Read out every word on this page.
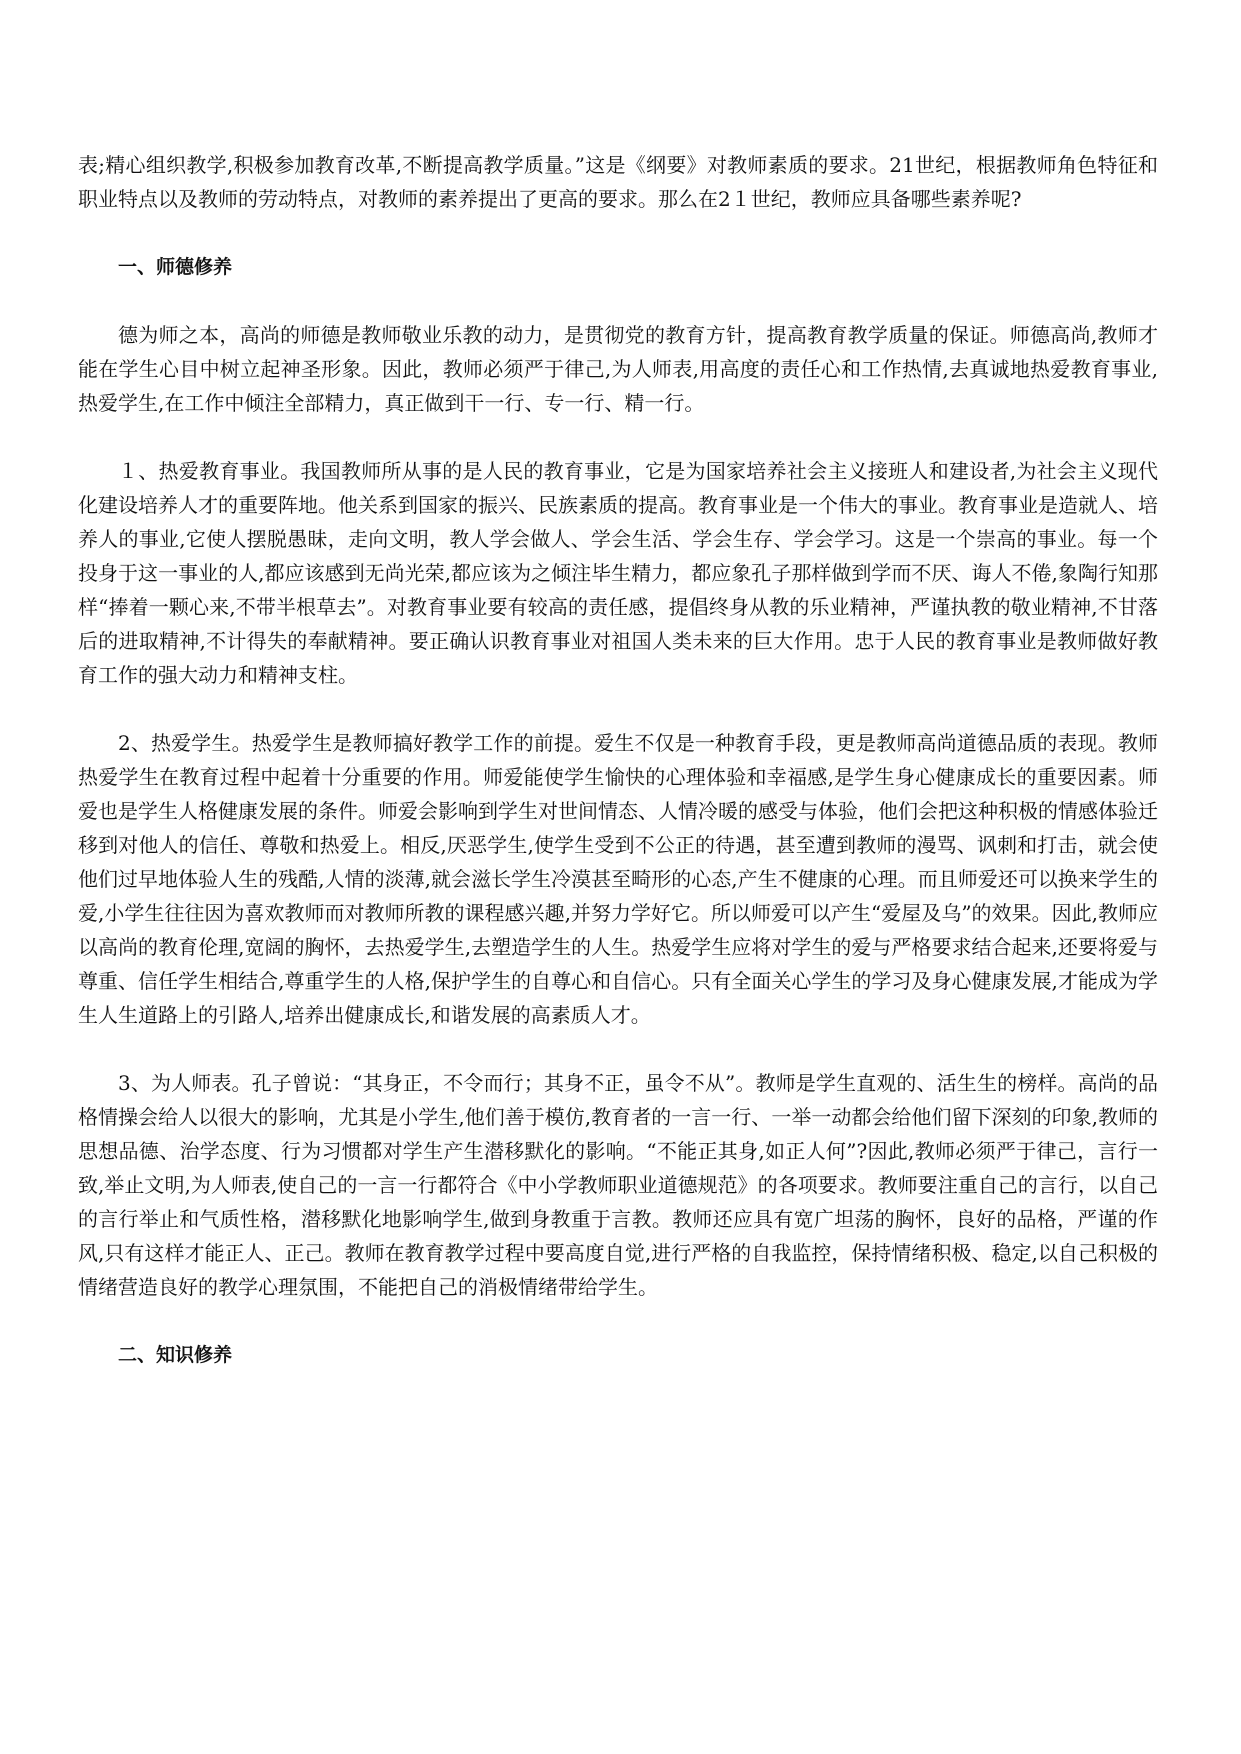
表;精心组织教学,积极参加教育改革,不断提高教学质量。”这是《纲要》对教师素质的要求。21世纪，根据教师角色特征和职业特点以及教师的劳动特点，对教师的素养提出了更高的要求。那么在2１世纪，教师应具备哪些素养呢?

一、师德修养

德为师之本，高尚的师德是教师敬业乐教的动力，是贯彻党的教育方针，提高教育教学质量的保证。师德高尚,教师才能在学生心目中树立起神圣形象。因此，教师必须严于律己,为人师表,用高度的责任心和工作热情,去真诚地热爱教育事业,热爱学生,在工作中倾注全部精力，真正做到干一行、专一行、精一行。

１、热爱教育事业。我国教师所从事的是人民的教育事业，它是为国家培养社会主义接班人和建设者,为社会主义现代化建设培养人才的重要阵地。他关系到国家的振兴、民族素质的提高。教育事业是一个伟大的事业。教育事业是造就人、培养人的事业,它使人摆脱愚昧，走向文明，教人学会做人、学会生活、学会生存、学会学习。这是一个崇高的事业。每一个投身于这一事业的人,都应该感到无尚光荣,都应该为之倾注毕生精力，都应象孔子那样做到学而不厌、诲人不倦,象陶行知那样“捧着一颗心来,不带半根草去”。对教育事业要有较高的责任感，提倡终身从教的乐业精神，严谨执教的敬业精神,不甘落后的进取精神,不计得失的奉献精神。要正确认识教育事业对祖国人类未来的巨大作用。忠于人民的教育事业是教师做好教育工作的强大动力和精神支柱。

2、热爱学生。热爱学生是教师搞好教学工作的前提。爱生不仅是一种教育手段，更是教师高尚道德品质的表现。教师热爱学生在教育过程中起着十分重要的作用。师爱能使学生愉快的心理体验和幸福感,是学生身心健康成长的重要因素。师爱也是学生人格健康发展的条件。师爱会影响到学生对世间情态、人情冷暖的感受与体验，他们会把这种积极的情感体验迁移到对他人的信任、尊敬和热爱上。相反,厌恶学生,使学生受到不公正的待遇，甚至遭到教师的漫骂、讽刺和打击，就会使他们过早地体验人生的残酷,人情的淡薄,就会滋长学生冷漠甚至畸形的心态,产生不健康的心理。而且师爱还可以换来学生的爱,小学生往往因为喜欢教师而对教师所教的课程感兴趣,并努力学好它。所以师爱可以产生“爱屋及乌”的效果。因此,教师应以高尚的教育伦理,宽阔的胸怀，去热爱学生,去塑造学生的人生。热爱学生应将对学生的爱与严格要求结合起来,还要将爱与尊重、信任学生相结合,尊重学生的人格,保护学生的自尊心和自信心。只有全面关心学生的学习及身心健康发展,才能成为学生人生道路上的引路人,培养出健康成长,和谐发展的高素质人才。

3、为人师表。孔子曾说：“其身正，不令而行；其身不正，虽令不从”。教师是学生直观的、活生生的榜样。高尚的品格情操会给人以很大的影响，尤其是小学生,他们善于模仿,教育者的一言一行、一举一动都会给他们留下深刻的印象,教师的思想品德、治学态度、行为习惯都对学生产生潜移默化的影响。“不能正其身,如正人何”?因此,教师必须严于律己，言行一致,举止文明,为人师表,使自己的一言一行都符合《中小学教师职业道德规范》的各项要求。教师要注重自己的言行，以自己的言行举止和气质性格，潜移默化地影响学生,做到身教重于言教。教师还应具有宽广坦荡的胸怀，良好的品格，严谨的作风,只有这样才能正人、正己。教师在教育教学过程中要高度自觉,进行严格的自我监控，保持情绪积极、稳定,以自己积极的情绪营造良好的教学心理氛围，不能把自己的消极情绪带给学生。

二、知识修养
